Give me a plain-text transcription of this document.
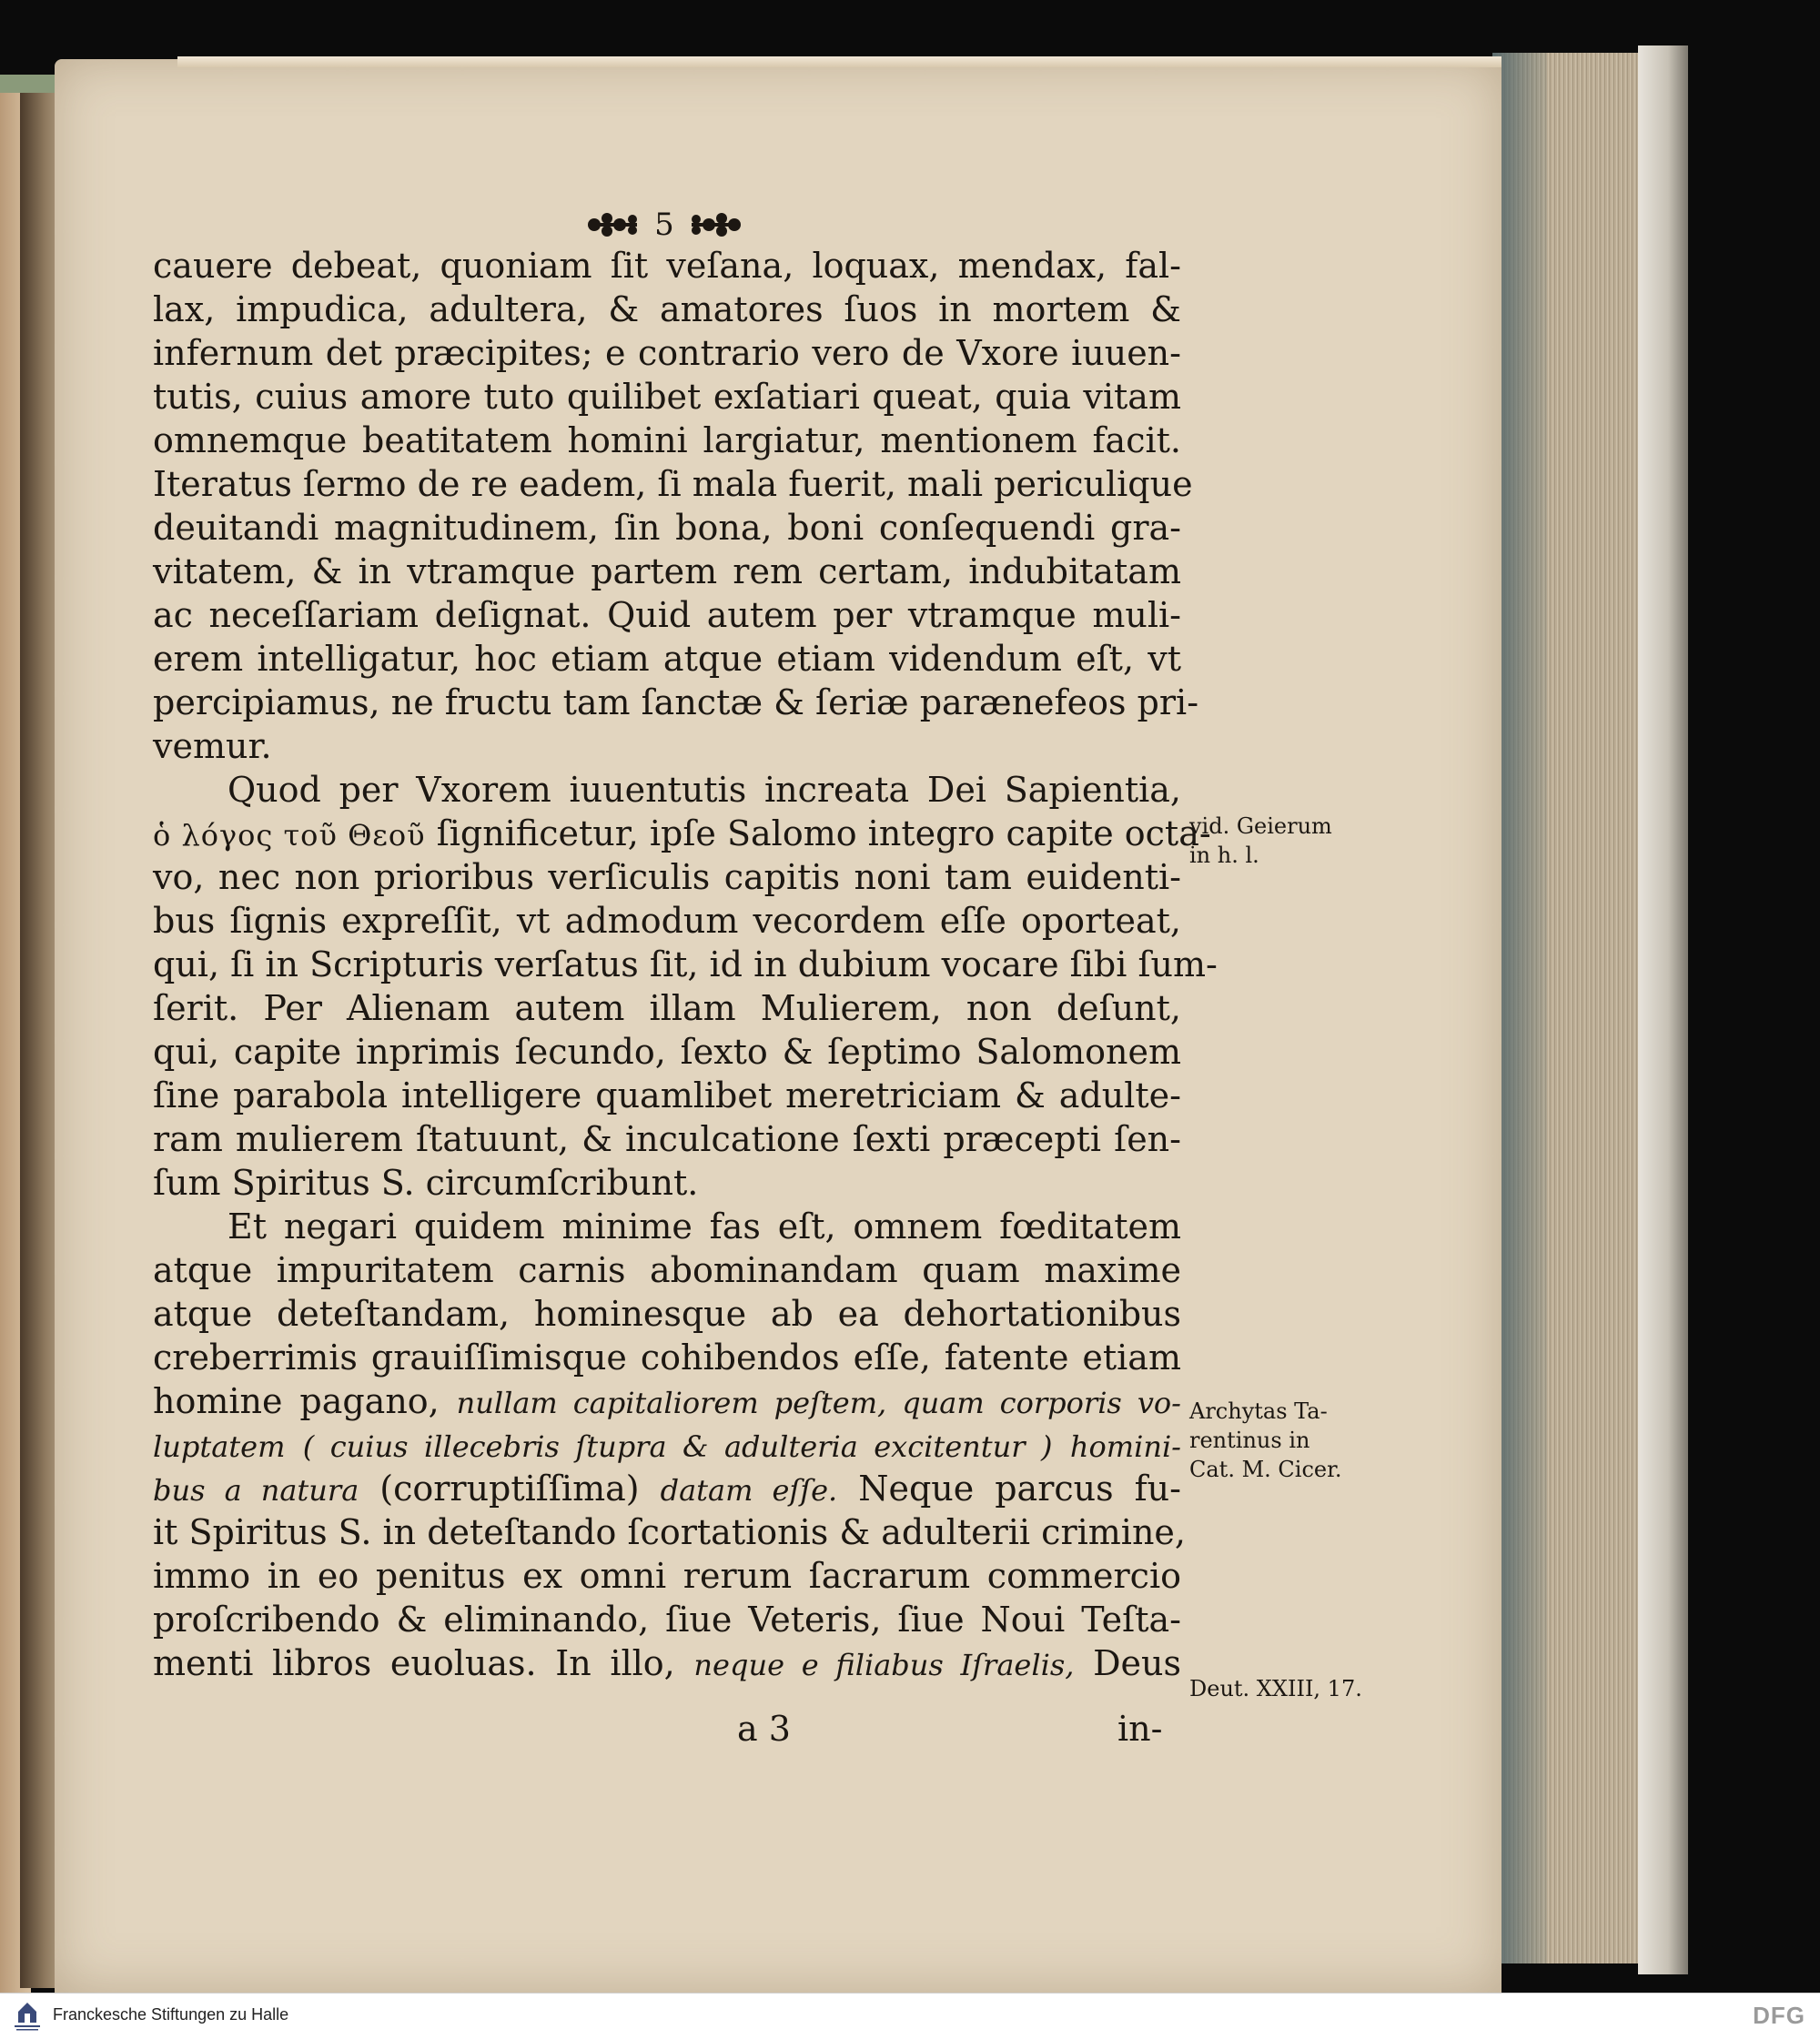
5

cauere debeat, quoniam ſit veſana, loquax, mendax, fal-
lax, impudica, adultera, & amatores ſuos in mortem &
infernum det præcipites; e contrario vero de Vxore iuuen-
tutis, cuius amore tuto quilibet exſatiari queat, quia vitam
omnemque beatitatem homini largiatur, mentionem facit.
Iteratus ſermo de re eadem, ſi mala fuerit, mali periculique
deuitandi magnitudinem, ſin bona, boni conſequendi gra-
vitatem, & in vtramque partem rem certam, indubitatam
ac neceſſariam deſignat. Quid autem per vtramque muli-
erem intelligatur, hoc etiam atque etiam videndum eſt, vt
percipiamus, ne fructu tam ſanctæ & ſeriæ parænefeos pri-
vemur.
Quod per Vxorem iuuentutis increata Dei Sapientia,
ὁ λόγος τοῦ Θεοῦ ſignificetur, ipſe Salomo integro capite octa-
vo, nec non prioribus verſiculis capitis noni tam euidenti-
bus ſignis expreſſit, vt admodum vecordem eſſe oporteat,
qui, ſi in Scripturis verſatus ſit, id in dubium vocare ſibi ſum-
ſerit. Per Alienam autem illam Mulierem, non deſunt,
qui, capite inprimis ſecundo, ſexto & ſeptimo Salomonem
ſine parabola intelligere quamlibet meretriciam & adulte-
ram mulierem ſtatuunt, & inculcatione ſexti præcepti ſen-
ſum Spiritus S. circumſcribunt.
Et negari quidem minime fas eſt, omnem fœditatem
atque impuritatem carnis abominandam quam maxime
atque deteſtandam, hominesque ab ea dehortationibus
creberrimis grauiſſimisque cohibendos eſſe, fatente etiam
homine pagano, nullam capitaliorem peſtem, quam corporis vo-
luptatem ( cuius illecebris ſtupra & adulteria excitentur ) homini-
bus a natura (corruptiſſima) datam eſſe. Neque parcus fu-
it Spiritus S. in deteſtando ſcortationis & adulterii crimine,
immo in eo penitus ex omni rerum ſacrarum commercio
proſcribendo & eliminando, ſiue Veteris, ſiue Noui Teſta-
menti libros euoluas. In illo, neque e filiabus Iſraelis, Deus
a 3	in-
vid. Geierum
in h. l.
Archytas Ta-
rentinus in
Cat. M. Cicer.
Deut. XXIII, 17.
Franckesche Stiftungen zu Halle	DFG
